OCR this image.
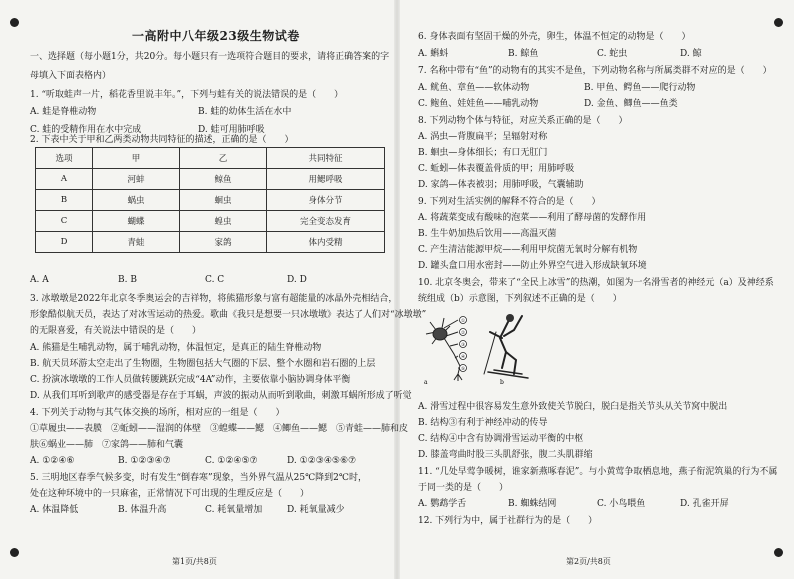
一高附中八年级23级生物试卷
一、选择题（每小题1分，共20分。每小题只有一选项符合题目的要求，请将正确答案的字
母填入下面表格内）
1. “听取蛙声一片，稻花香里说丰年。”，下列与蛙有关的说法错误的是（　　）
A. 蛙是脊椎动物	B. 蛙的幼体生活在水中
C. 蛙的受精作用在水中完成	D. 蛙可用肺呼吸
2. 下表中关于甲和乙两类动物共同特征的描述，正确的是（　　）
选项	甲	乙	共同特征
A	河蚌	鲸鱼	用鳃呼吸
B	蜗虫	蛔虫	身体分节
C	蝴蝶	蝗虫	完全变态发育
D	青蛙	家鸽	体内受精
A. A	B. B	C. C	D. D
3. 冰墩墩是2022年北京冬季奥运会的吉祥物，将熊猫形象与富有超能量的冰晶外壳相结合，
形象酷似航天员，表达了对冰雪运动的热爱。歌曲《我只是想要一只冰墩墩》表达了人们对“冰墩墩”
的无限喜爱，有关说法中错误的是（　　）
A. 熊猫是生哺乳动物，属于哺乳动物，体温恒定，是真正的陆生脊椎动物
B. 航天员环游太空走出了生物圈，生物圈包括大气圈的下层、整个水圈和岩石圈的上层
C. 扮演冰墩墩的工作人员做转腰跳跃完成“4A”动作，主要依靠小脑协调身体平衡
D. 从我们耳听到歌声的感受器是存在于耳蜗，声波的振动从而听到歌曲，刺激耳蜗所形成了听觉
4. 下列关于动物与其气体交换的场所，相对应的一组是（　　）
①草履虫——表膜　②蚯蚓——湿润的体壁　③蝗蝶——鳃　④鲫鱼——鳃　⑤青蛙——肺和皮
肤⑥蜗业——肺　⑦家鸽——肺和气囊
A. ①②④⑥	B. ①②③④⑦	C. ①②④⑤⑦	D. ①②③④⑤⑥⑦
5. 三明地区春季气候多变，时有发生“倒春寒”现象，当外界气温从25℃降到2℃时，
处在这种环境中的一只麻雀，正常情况下可出现的生理反应是（　　）
A. 体温降低	B. 体温升高	C. 耗氧量增加	D. 耗氧量减少
第1页/共8页
6. 身体表面有坚固干燥的外壳，卵生，体温不恒定的动物是（　　）
A. 蝌蚪	B. 鲸鱼	C. 蛇虫	D. 鲸
7. 名称中带有“鱼”的动物有的其实不是鱼，下列动物名称与所属类群不对应的是（　　）
A. 鱿鱼、章鱼——软体动物	B. 甲鱼、鳄鱼——爬行动物
C. 鲍鱼、娃娃鱼——哺乳动物	D. 金鱼、鲫鱼——鱼类
8. 下列动物个体与特征，对应关系正确的是（　　）
A. 涡虫—背腹扁平；呈辐射对称
B. 蛔虫—身体细长；有口无肛门
C. 蚯蚓—体表覆盖骨质的甲；用肺呼吸
D. 家鸽—体表被羽；用肺呼吸，气囊辅助
9. 下列对生活实例的解释不符合的是（　　）
A. 将蔬菜变成有酸味的泡菜——利用了酵母菌的发酵作用
B. 生牛奶加热后饮用——高温灭菌
C. 产生清洁能源甲烷——利用甲烷菌无氧时分解有机物
D. 罐头盒口用水密封——防止外界空气进入形成缺氧环境
10. 北京冬奥会，带来了“全民上冰雪”的热潮，如图为一名滑雪者的神经元（a）及神经系
统组成（b）示意图，下列叙述不正确的是（　　）
①
②
③
④
⑤
a	b
A. 滑雪过程中很容易发生意外致使关节脱臼，脱臼是指关节头从关节窝中脱出
B. 结构③有利于神经冲动的传导
C. 结构④中含有协调滑雪运动平衡的中枢
D. 膝盖弯曲时股三头肌舒张，腹二头肌群缩
11. “几处早莺争暖树，谁家新燕啄春泥”。与小黄莺争取栖息地，燕子衔泥筑巢的行为不属
于同一类的是（　　）
A. 鹦鹉学舌	B. 蜘蛛结网	C. 小鸟喂鱼	D. 孔雀开屏
12. 下列行为中，属于社群行为的是（　　）
第2页/共8页
